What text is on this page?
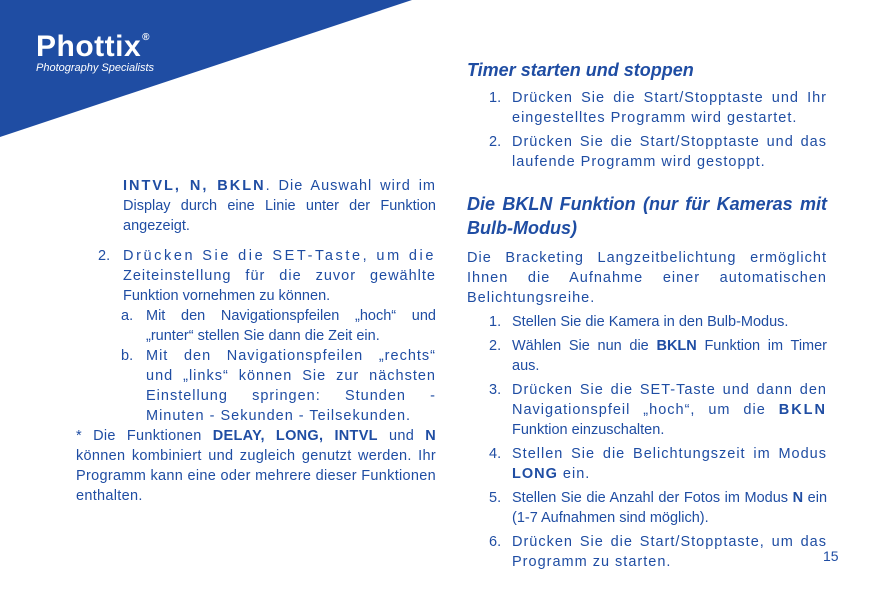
Phottix®
Photography Specialists

INTVL, N, BKLN. Die Auswahl wird im

Display durch eine Linie unter der Funktion angezeigt.

2. Drücken Sie die SET-Taste, um die

Zeiteinstellung für die zuvor gewählte

Funktion vornehmen zu können.

a. Mit den Navigationspfeilen „hoch“ und „runter“ stellen Sie dann die Zeit ein.

b. Mit den Navigationspfeilen „rechts“ und „links“ können Sie zur nächsten Einstellung springen: Stunden - Minuten - Sekunden - Teilsekunden.

* Die Funktionen DELAY, LONG, INTVL und N können kombiniert und zugleich genutzt werden. Ihr Programm kann eine oder mehrere dieser Funktionen enthalten.

Timer starten und stoppen

1. Drücken Sie die Start/Stopptaste und Ihr eingestelltes Programm wird gestartet.

2. Drücken Sie die Start/Stopptaste und das laufende Programm wird gestoppt.

Die BKLN Funktion (nur für Kameras mit Bulb-Modus)

Die Bracketing Langzeitbelichtung ermöglicht Ihnen die Aufnahme einer automatischen Belichtungsreihe.

1. Stellen Sie die Kamera in den Bulb-Modus.

2. Wählen Sie nun die BKLN Funktion im Timer aus.

3. Drücken Sie die SET-Taste und dann den Navigationspfeil „hoch“, um die BKLN Funktion einzuschalten.

4. Stellen Sie die Belichtungszeit im Modus LONG ein.

5. Stellen Sie die Anzahl der Fotos im Modus N ein (1-7 Aufnahmen sind möglich).

6. Drücken Sie die Start/Stopptaste, um das Programm zu starten.	15
